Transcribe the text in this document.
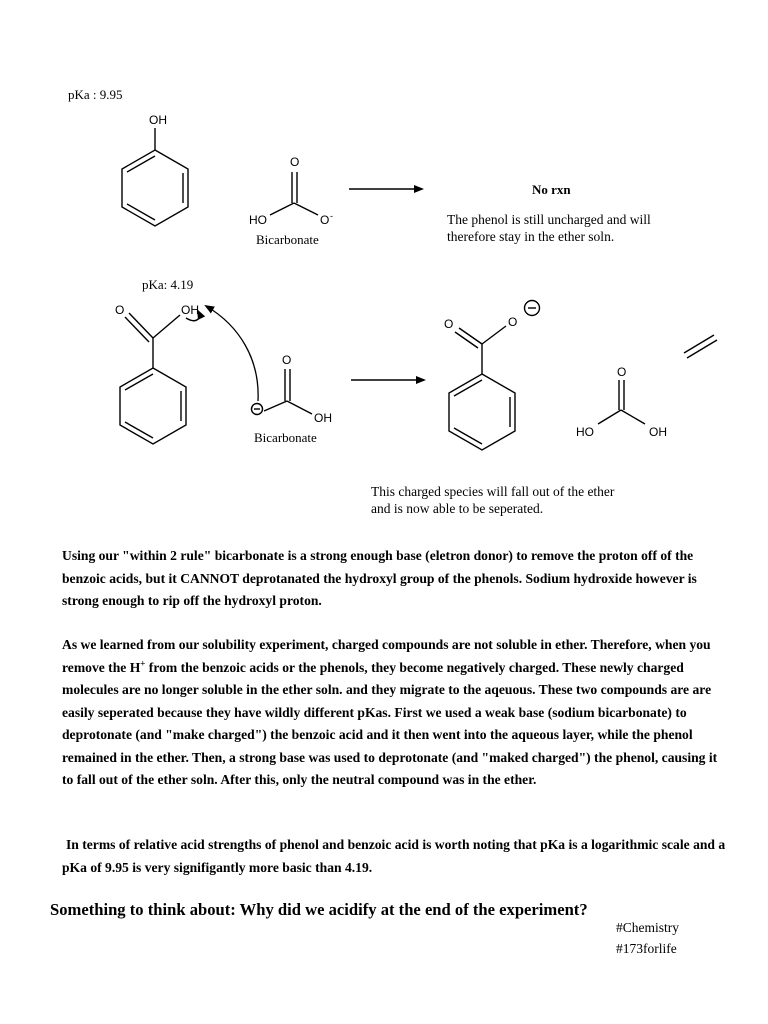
pKa : 9.95
OH
O
HO	O -
Bicarbonate
No rxn
The phenol is still uncharged and will therefore stay in the ether soln.
pKa: 4.19
O	OH
O
OH
Bicarbonate
O	O
O
HO	OH
This charged species will fall out of the ether and is now able to be seperated.

Using our "within 2 rule" bicarbonate is a strong enough base (eletron donor) to remove the proton off of the benzoic acids, but it CANNOT deprotanated the hydroxyl group of the phenols. Sodium hydroxide however is strong enough to rip off the hydroxyl proton.

As we learned from our solubility experiment, charged compounds are not soluble in ether. Therefore, when you remove the H+ from the benzoic acids or the phenols, they become negatively charged. These newly charged molecules are no longer soluble in the ether soln. and they migrate to the aqeuous. These two compounds are are easily seperated because they have wildly different pKas. First we used a weak base (sodium bicarbonate) to deprotonate (and "make charged") the benzoic acid and it then went into the aqueous layer, while the phenol remained in the ether. Then, a strong base was used to deprotonate (and "maked charged") the phenol, causing it to fall out of the ether soln. After this, only the neutral compound was in the ether.

In terms of relative acid strengths of phenol and benzoic acid is worth noting that pKa is a logarithmic scale and a pKa of 9.95 is very signifigantly more basic than 4.19.

Something to think about: Why did we acidify at the end of the experiment?
#Chemistry
#173forlife
